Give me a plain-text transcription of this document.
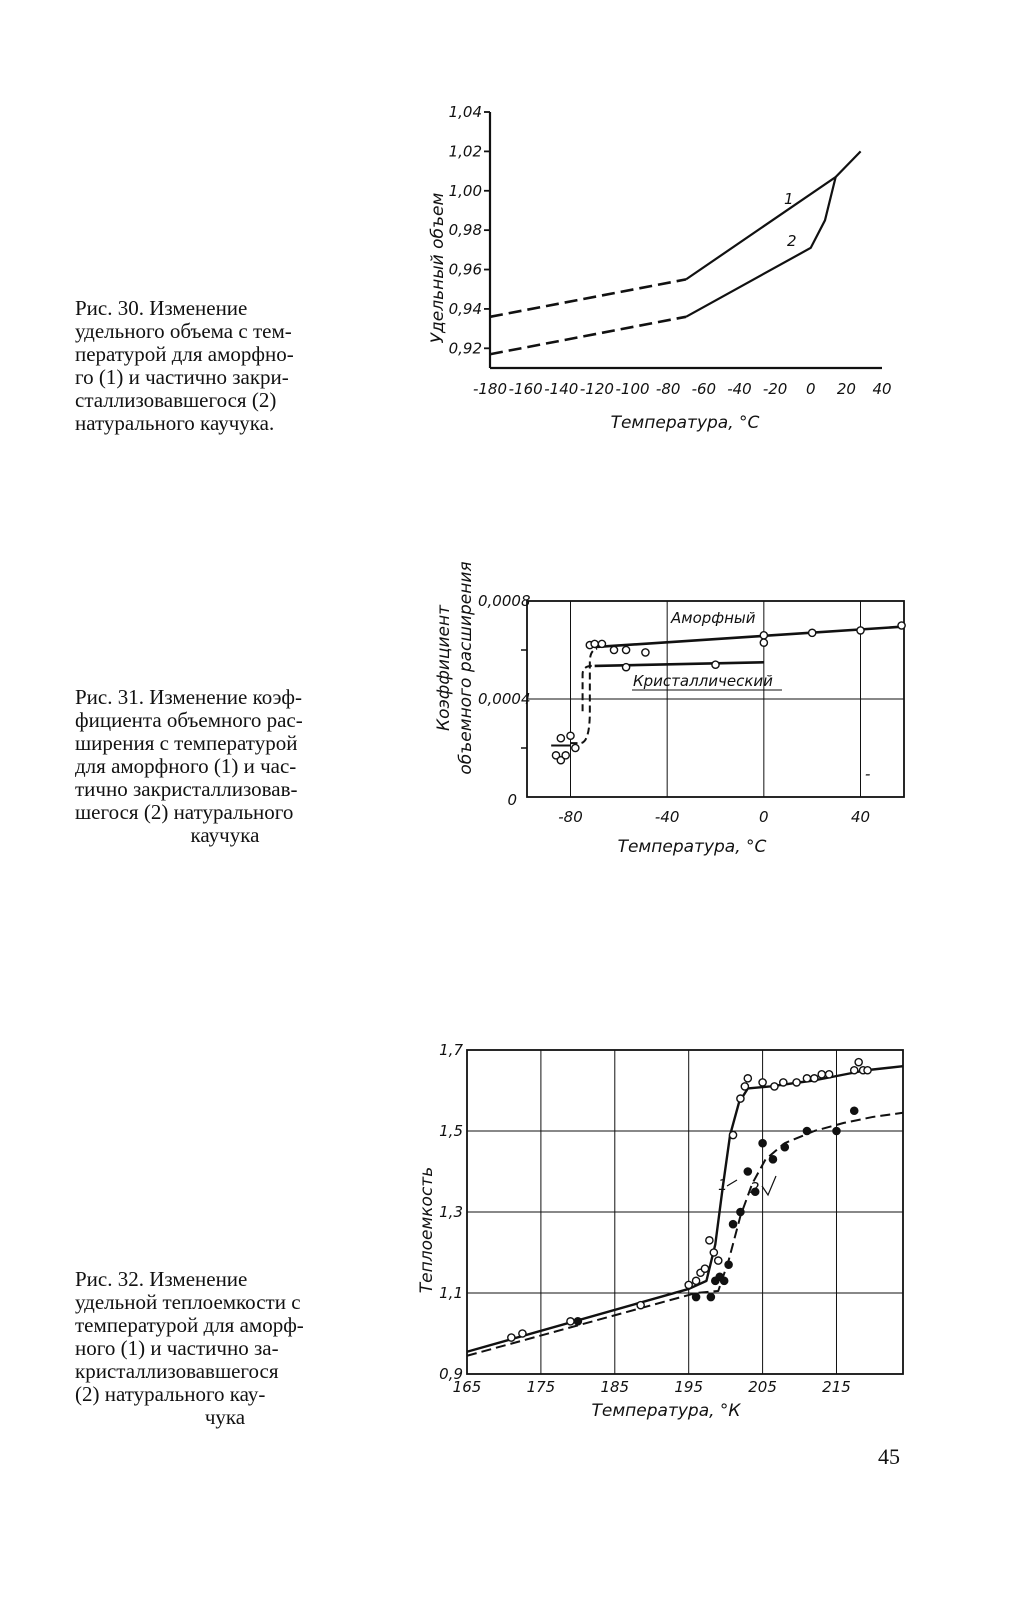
Рис. 30. Изменение
удельного объема с тем-
пературой для аморфно-
го (1) и частично закри-
сталлизовавшегося (2)
натурального каучука.
Рис. 31. Изменение коэф-
фициента объемного рас-
ширения с температурой
для аморфного (1) и час-
тично закристаллизовав-
шегося (2) натурального
каучука
Рис. 32. Изменение
удельной теплоемкости с
температурой для аморф-
ного (1) и частично за-
кристаллизовавшегося
(2) натурального кау-
чука
45
1,04
1,02
1,00
0,98
0,96
0,94
0,92
-180 -160 -140 -120 -100 -80 -60 -40 -20 0 20 40
1
2
Удельный объем
Температура, °С
0,0008
0,0004
0
-80	-40	0	40
-
Аморфный
Кристаллический
Коэффициент объемного расширения
Температура, °С
1,7
1,5
1,3
1,1
0,9
165	175	185	195	205	215
1 2
Теплоемкость
Температура, °К
